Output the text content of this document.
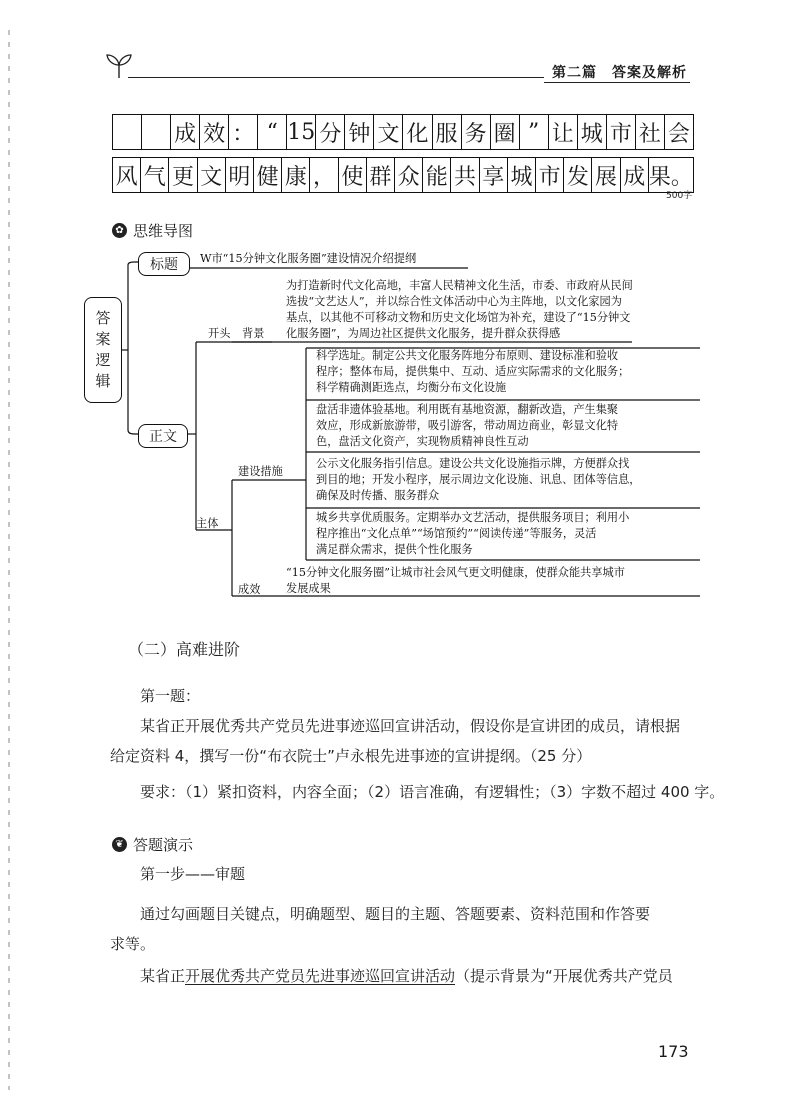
第二篇　答案及解析
成 效 ： “ 15 分 钟 文 化 服 务 圈 ” 让 城 市 社 会
风 气 更 文 明 健 康 ， 使 群 众 能 共 享 城 市 发 展 成 果。
500字
✿ 思维导图
答
案
逻
辑
标题	W市“15分钟文化服务圈”建设情况介绍提纲
开头 背景
为打造新时代文化高地，丰富人民精神文化生活，市委、市政府从民间
选拔“文艺达人”，并以综合性文体活动中心为主阵地，以文化家园为
基点，以其他不可移动文物和历史文化场馆为补充，建设了“15分钟文
化服务圈”，为周边社区提供文化服务，提升群众获得感
正文
主体
建设措施
成效
科学选址。制定公共文化服务阵地分布原则、建设标准和验收
程序；整体布局，提供集中、互动、适应实际需求的文化服务；
科学精确测距选点，均衡分布文化设施
盘活非遗体验基地。利用既有基地资源，翻新改造，产生集聚
效应，形成新旅游带，吸引游客，带动周边商业，彰显文化特
色，盘活文化资产，实现物质精神良性互动
公示文化服务指引信息。建设公共文化设施指示牌，方便群众找
到目的地；开发小程序，展示周边文化设施、讯息、团体等信息，
确保及时传播、服务群众
城乡共享优质服务。定期举办文艺活动，提供服务项目；利用小
程序推出“文化点单”“场馆预约”“阅读传递”等服务，灵活
满足群众需求，提供个性化服务
“15分钟文化服务圈”让城市社会风气更文明健康，使群众能共享城市
发展成果
（二）高难进阶
第一题：
某省正开展优秀共产党员先进事迹巡回宣讲活动，假设你是宣讲团的成员，请根据
给定资料 4，撰写一份“布衣院士”卢永根先进事迹的宣讲提纲。（25 分）
要求：（1）紧扣资料，内容全面；（2）语言准确，有逻辑性；（3）字数不超过 400 字。
❦ 答题演示
第一步——审题
通过勾画题目关键点，明确题型、题目的主题、答题要素、资料范围和作答要
求等。
某省正开展优秀共产党员先进事迹巡回宣讲活动（提示背景为“开展优秀共产党员
173
